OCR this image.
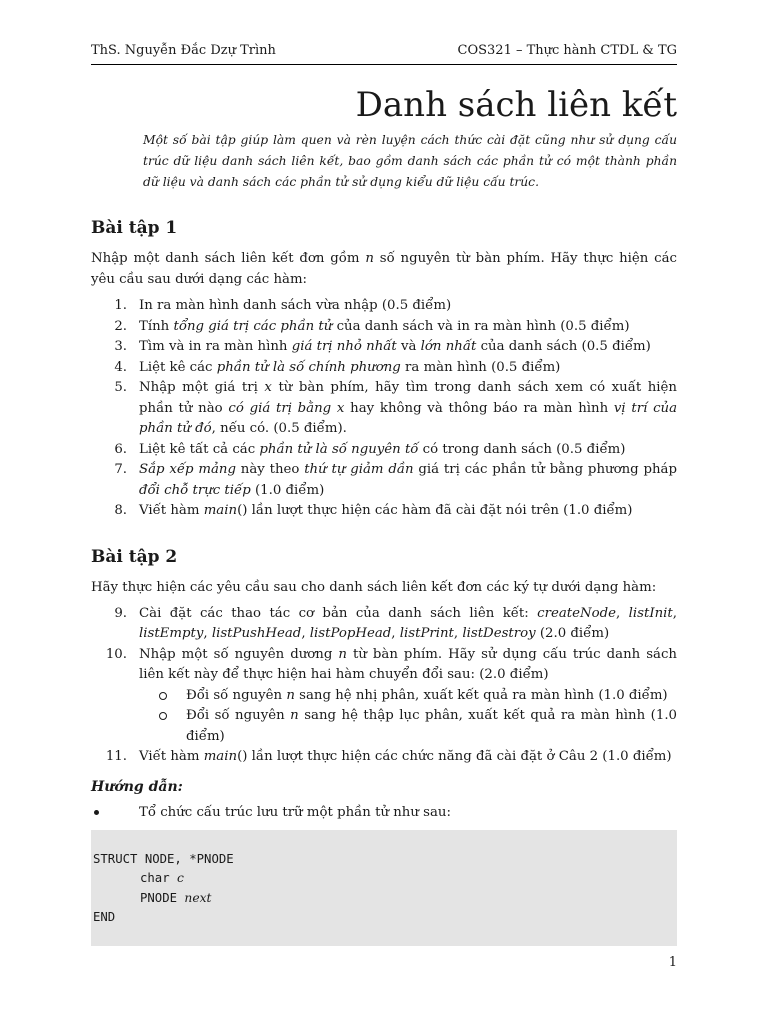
ThS. Nguyễn Đắc Dzự Trình	COS321 – Thực hành CTDL & TG
Danh sách liên kết
Một số bài tập giúp làm quen và rèn luyện cách thức cài đặt cũng như sử dụng cấu trúc dữ liệu danh sách liên kết, bao gồm danh sách các phần tử có một thành phần dữ liệu và danh sách các phần tử sử dụng kiểu dữ liệu cấu trúc.
Bài tập 1

Nhập một danh sách liên kết đơn gồm n số nguyên từ bàn phím. Hãy thực hiện các yêu cầu sau dưới dạng các hàm:

1. In ra màn hình danh sách vừa nhập (0.5 điểm)
2. Tính tổng giá trị các phần tử của danh sách và in ra màn hình (0.5 điểm)
3. Tìm và in ra màn hình giá trị nhỏ nhất và lớn nhất của danh sách (0.5 điểm)
4. Liệt kê các phần tử là số chính phương ra màn hình (0.5 điểm)
5. Nhập một giá trị x từ bàn phím, hãy tìm trong danh sách xem có xuất hiện phần tử nào có giá trị bằng x hay không và thông báo ra màn hình vị trí của phần tử đó, nếu có. (0.5 điểm).
6. Liệt kê tất cả các phần tử là số nguyên tố có trong danh sách (0.5 điểm)
7. Sắp xếp mảng này theo thứ tự giảm dần giá trị các phần tử bằng phương pháp đổi chỗ trực tiếp (1.0 điểm)
8. Viết hàm main() lần lượt thực hiện các hàm đã cài đặt nói trên (1.0 điểm)
Bài tập 2

Hãy thực hiện các yêu cầu sau cho danh sách liên kết đơn các ký tự dưới dạng hàm:

9. Cài đặt các thao tác cơ bản của danh sách liên kết: createNode, listInit, listEmpty, listPushHead, listPopHead, listPrint, listDestroy (2.0 điểm)
10. Nhập một số nguyên dương n từ bàn phím. Hãy sử dụng cấu trúc danh sách liên kết này để thực hiện hai hàm chuyển đổi sau: (2.0 điểm)
Đổi số nguyên n sang hệ nhị phân, xuất kết quả ra màn hình (1.0 điểm)
Đổi số nguyên n sang hệ thập lục phân, xuất kết quả ra màn hình (1.0 điểm)
11. Viết hàm main() lần lượt thực hiện các chức năng đã cài đặt ở Câu 2 (1.0 điểm)
Hướng dẫn:
Tổ chức cấu trúc lưu trữ một phần tử như sau:
STRUCT NODE, *PNODE
char c
PNODE next
END
1
